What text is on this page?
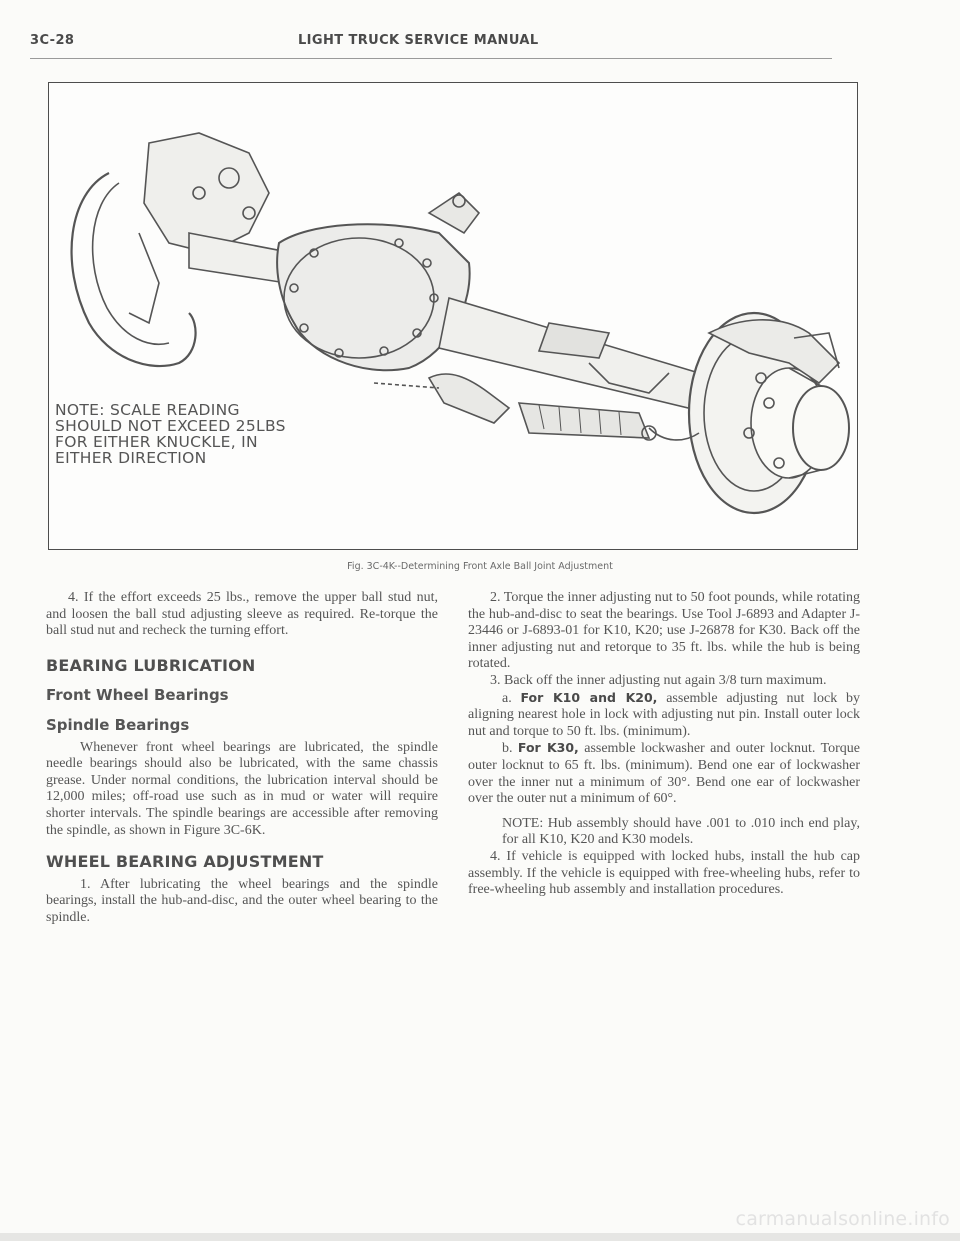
3C-28	LIGHT TRUCK SERVICE MANUAL
NOTE: SCALE READING
SHOULD NOT EXCEED 25LBS
FOR EITHER KNUCKLE, IN
EITHER DIRECTION
Fig. 3C-4K--Determining Front Axle Ball Joint Adjustment

4. If the effort exceeds 25 lbs., remove the upper ball stud nut, and loosen the ball stud adjusting sleeve as required. Re-torque the ball stud nut and recheck the turning effort.

BEARING LUBRICATION
Front Wheel Bearings
Spindle Bearings

Whenever front wheel bearings are lubricated, the spindle needle bearings should also be lubricated, with the same chassis grease. Under normal conditions, the lubrication interval should be 12,000 miles; off-road use such as in mud or water will require shorter intervals. The spindle bearings are accessible after removing the spindle, as shown in Figure 3C-6K.

WHEEL BEARING ADJUSTMENT

1. After lubricating the wheel bearings and the spindle bearings, install the hub-and-disc, and the outer wheel bearing to the spindle.

2. Torque the inner adjusting nut to 50 foot pounds, while rotating the hub-and-disc to seat the bearings. Use Tool J-6893 and Adapter J-23446 or J-6893-01 for K10, K20; use J-26878 for K30. Back off the inner adjusting nut and retorque to 35 ft. lbs. while the hub is being rotated.

3. Back off the inner adjusting nut again 3/8 turn maximum.

a. For K10 and K20, assemble adjusting nut lock by aligning nearest hole in lock with adjusting nut pin. Install outer lock nut and torque to 50 ft. lbs. (minimum).

b. For K30, assemble lockwasher and outer locknut. Torque outer locknut to 65 ft. lbs. (minimum). Bend one ear of lockwasher over the inner nut a minimum of 30°. Bend one ear of lockwasher over the outer nut a minimum of 60°.

NOTE: Hub assembly should have .001 to .010 inch end play, for all K10, K20 and K30 models.

4. If vehicle is equipped with locked hubs, install the hub cap assembly. If the vehicle is equipped with free-wheeling hubs, refer to free-wheeling hub assembly and installation procedures.

carmanualsonline.info
